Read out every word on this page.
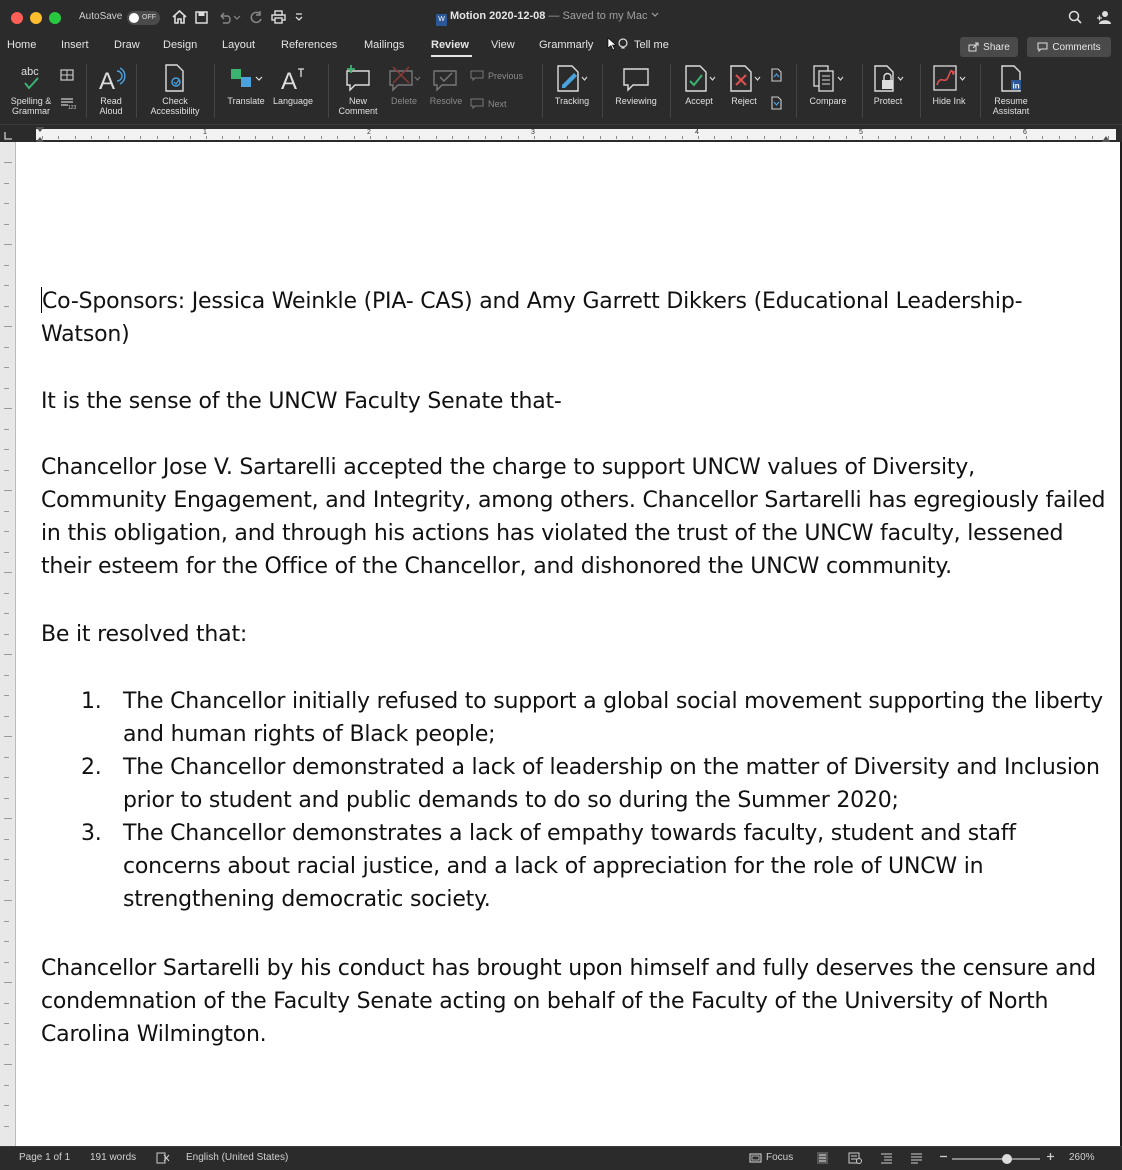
AutoSave	OFF	W Motion 2020-12-08 — Saved to my Mac
Home Insert Draw Design Layout References Mailings Review View Grammarly	Tell me	Share	Comments
abc
Spelling &
Grammar	123
A
Read
Aloud
Check
Accessibility
Translate
A
Language	New
Comment
Delete Resolve
Previous
Next	Tracking	Reviewing	Accept Reject	Compare	Protect	Hide Ink
in
Resume
Assistant
1	2	3	4	5	6
Co-Sponsors: Jessica Weinkle (PIA- CAS) and Amy Garrett Dikkers (Educational Leadership-Watson)
It is the sense of the UNCW Faculty Senate that-
Chancellor Jose V. Sartarelli accepted the charge to support UNCW values of Diversity, Community Engagement, and Integrity, among others. Chancellor Sartarelli has egregiously failed in this obligation, and through his actions has violated the trust of the UNCW faculty, lessened their esteem for the Office of the Chancellor, and dishonored the UNCW community.
Be it resolved that:
1. The Chancellor initially refused to support a global social movement supporting the liberty and human rights of Black people;
2. The Chancellor demonstrated a lack of leadership on the matter of Diversity and Inclusion prior to student and public demands to do so during the Summer 2020;
3. The Chancellor demonstrates a lack of empathy towards faculty, student and staff concerns about racial justice, and a lack of appreciation for the role of UNCW in strengthening democratic society.
Chancellor Sartarelli by his conduct has brought upon himself and fully deserves the censure and condemnation of the Faculty Senate acting on behalf of the Faculty of the University of North Carolina Wilmington.
Page 1 of 1 191 words	English (United States)	Focus	260%
